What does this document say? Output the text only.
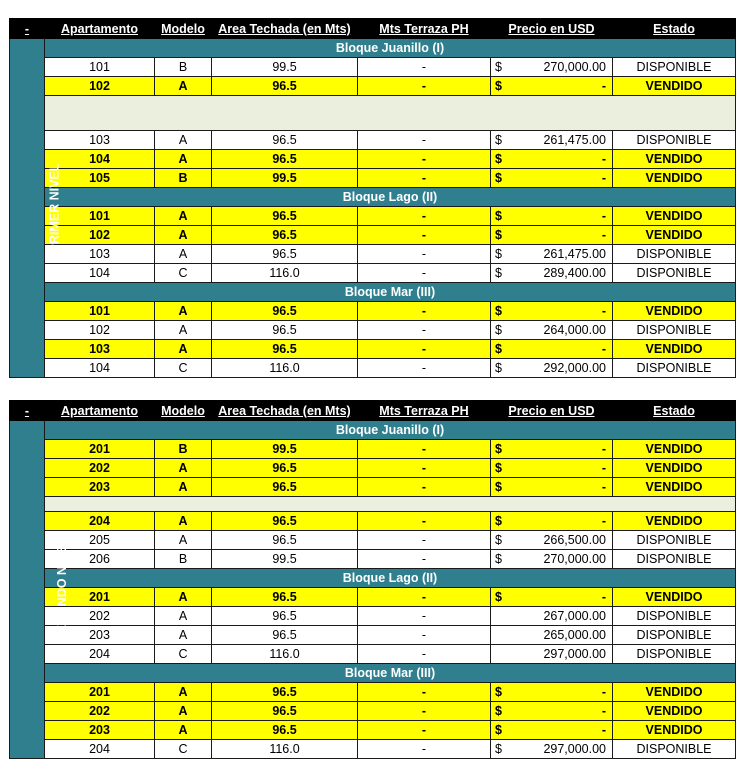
-	Apartamento	Modelo	Area Techada (en Mts)	Mts Terraza PH	Precio en USD	Estado
PRIMER NIVEL	Bloque Juanillo (I)					
	101	B	99.5	-	$ 270,000.00	DISPONIBLE
	102	A	96.5	-	$ -	VENDIDO

	103	A	96.5	-	$ 261,475.00	DISPONIBLE
	104	A	96.5	-	$ -	VENDIDO
	105	B	99.5	-	$ -	VENDIDO
	Bloque Lago (II)					
	101	A	96.5	-	$ -	VENDIDO
	102	A	96.5	-	$ -	VENDIDO
	103	A	96.5	-	$ 261,475.00	DISPONIBLE
	104	C	116.0	-	$ 289,400.00	DISPONIBLE
	Bloque Mar (III)					
	101	A	96.5	-	$ -	VENDIDO
	102	A	96.5	-	$ 264,000.00	DISPONIBLE
	103	A	96.5	-	$ -	VENDIDO
	104	C	116.0	-	$ 292,000.00	DISPONIBLE
-	Apartamento	Modelo	Area Techada (en Mts)	Mts Terraza PH	Precio en USD	Estado
SEGUNDO NIVEL	Bloque Juanillo (I)					
	201	B	99.5	-	$ -	VENDIDO
	202	A	96.5	-	$ -	VENDIDO
	203	A	96.5	-	$ -	VENDIDO

	204	A	96.5	-	$ -	VENDIDO
	205	A	96.5	-	$ 266,500.00	DISPONIBLE
	206	B	99.5	-	$ 270,000.00	DISPONIBLE
	Bloque Lago (II)					
	201	A	96.5	-	$ -	VENDIDO
	202	A	96.5	-	267,000.00	DISPONIBLE
	203	A	96.5	-	265,000.00	DISPONIBLE
	204	C	116.0	-	297,000.00	DISPONIBLE
	Bloque Mar (III)					
	201	A	96.5	-	$ -	VENDIDO
	202	A	96.5	-	$ -	VENDIDO
	203	A	96.5	-	$ -	VENDIDO
	204	C	116.0	-	$ 297,000.00	DISPONIBLE
